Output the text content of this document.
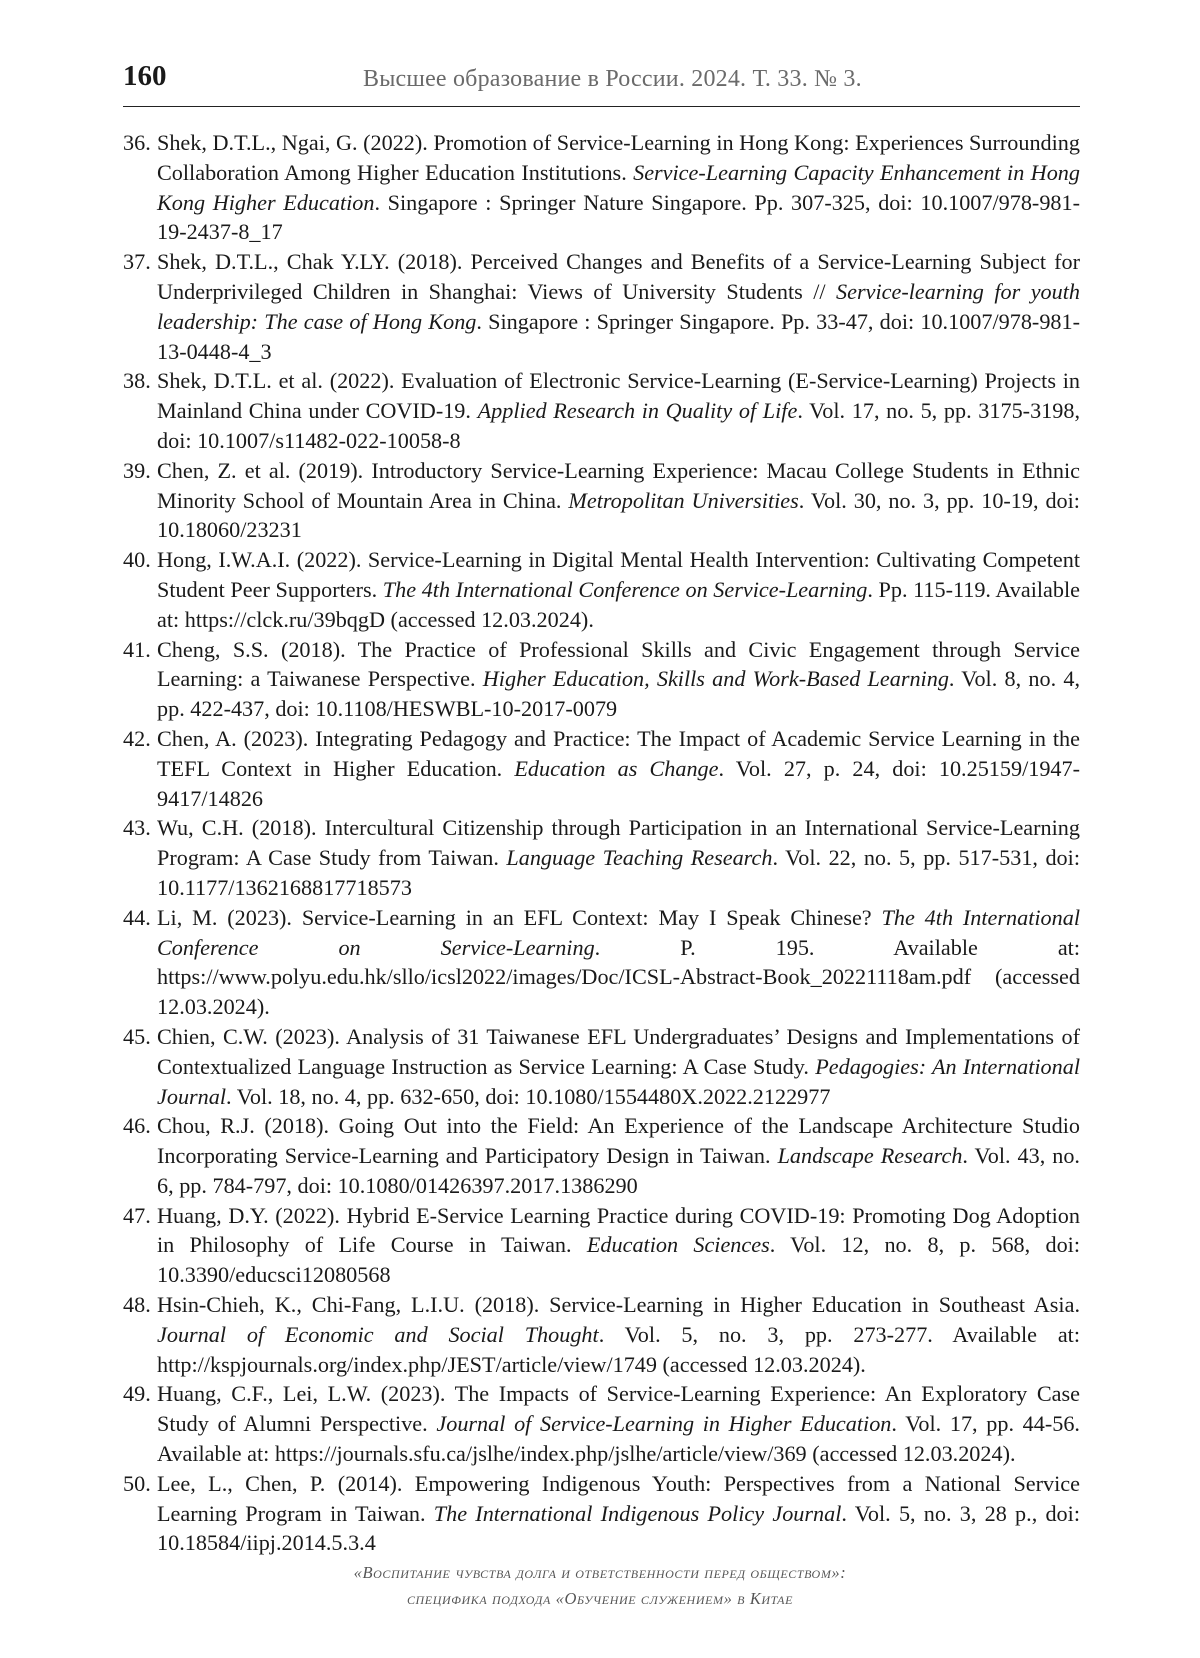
160	Высшее образование в России. 2024. Т. 33. № 3.
36. Shek, D.T.L., Ngai, G. (2022). Promotion of Service-Learning in Hong Kong: Experiences Surrounding Collaboration Among Higher Education Institutions. Service-Learning Capacity Enhancement in Hong Kong Higher Education. Singapore : Springer Nature Singapore. Pp. 307-325, doi: 10.1007/978-981-19-2437-8_17
37. Shek, D.T.L., Chak Y.LY. (2018). Perceived Changes and Benefits of a Service-Learning Subject for Underprivileged Children in Shanghai: Views of University Students // Service-learning for youth leadership: The case of Hong Kong. Singapore : Springer Singapore. Pp. 33-47, doi: 10.1007/978-981-13-0448-4_3
38. Shek, D.T.L. et al. (2022). Evaluation of Electronic Service-Learning (E-Service-Learning) Projects in Mainland China under COVID-19. Applied Research in Quality of Life. Vol. 17, no. 5, pp. 3175-3198, doi: 10.1007/s11482-022-10058-8
39. Chen, Z. et al. (2019). Introductory Service-Learning Experience: Macau College Students in Ethnic Minority School of Mountain Area in China. Metropolitan Universities. Vol. 30, no. 3, pp. 10-19, doi: 10.18060/23231
40. Hong, I.W.A.I. (2022). Service-Learning in Digital Mental Health Intervention: Cultivating Competent Student Peer Supporters. The 4th International Conference on Service-Learning. Pp. 115-119. Available at: https://clck.ru/39bqgD (accessed 12.03.2024).
41. Cheng, S.S. (2018). The Practice of Professional Skills and Civic Engagement through Service Learning: a Taiwanese Perspective. Higher Education, Skills and Work-Based Learning. Vol. 8, no. 4, pp. 422-437, doi: 10.1108/HESWBL-10-2017-0079
42. Chen, A. (2023). Integrating Pedagogy and Practice: The Impact of Academic Service Learning in the TEFL Context in Higher Education. Education as Change. Vol. 27, p. 24, doi: 10.25159/1947-9417/14826
43. Wu, C.H. (2018). Intercultural Citizenship through Participation in an International Service-Learning Program: A Case Study from Taiwan. Language Teaching Research. Vol. 22, no. 5, pp. 517-531, doi: 10.1177/1362168817718573
44. Li, M. (2023). Service-Learning in an EFL Context: May I Speak Chinese? The 4th International Conference on Service-Learning. P. 195. Available at: https://www.polyu.edu.hk/sllo/icsl2022/images/Doc/ICSL-Abstract-Book_20221118am.pdf (accessed 12.03.2024).
45. Chien, C.W. (2023). Analysis of 31 Taiwanese EFL Undergraduates’ Designs and Implementations of Contextualized Language Instruction as Service Learning: A Case Study. Pedagogies: An International Journal. Vol. 18, no. 4, pp. 632-650, doi: 10.1080/1554480X.2022.2122977
46. Chou, R.J. (2018). Going Out into the Field: An Experience of the Landscape Architecture Studio Incorporating Service-Learning and Participatory Design in Taiwan. Landscape Research. Vol. 43, no. 6, pp. 784-797, doi: 10.1080/01426397.2017.1386290
47. Huang, D.Y. (2022). Hybrid E-Service Learning Practice during COVID-19: Promoting Dog Adoption in Philosophy of Life Course in Taiwan. Education Sciences. Vol. 12, no. 8, p. 568, doi: 10.3390/educsci12080568
48. Hsin-Chieh, K., Chi-Fang, L.I.U. (2018). Service-Learning in Higher Education in Southeast Asia. Journal of Economic and Social Thought. Vol. 5, no. 3, pp. 273-277. Available at: http://kspjournals.org/index.php/JEST/article/view/1749 (accessed 12.03.2024).
49. Huang, C.F., Lei, L.W. (2023). The Impacts of Service-Learning Experience: An Exploratory Case Study of Alumni Perspective. Journal of Service-Learning in Higher Education. Vol. 17, pp. 44-56. Available at: https://journals.sfu.ca/jslhe/index.php/jslhe/article/view/369 (accessed 12.03.2024).
50. Lee, L., Chen, P. (2014). Empowering Indigenous Youth: Perspectives from a National Service Learning Program in Taiwan. The International Indigenous Policy Journal. Vol. 5, no. 3, 28 p., doi: 10.18584/iipj.2014.5.3.4
«Воспитание чувства долга и ответственности перед обществом»:
специфика подхода «Обучение служением» в Китае
